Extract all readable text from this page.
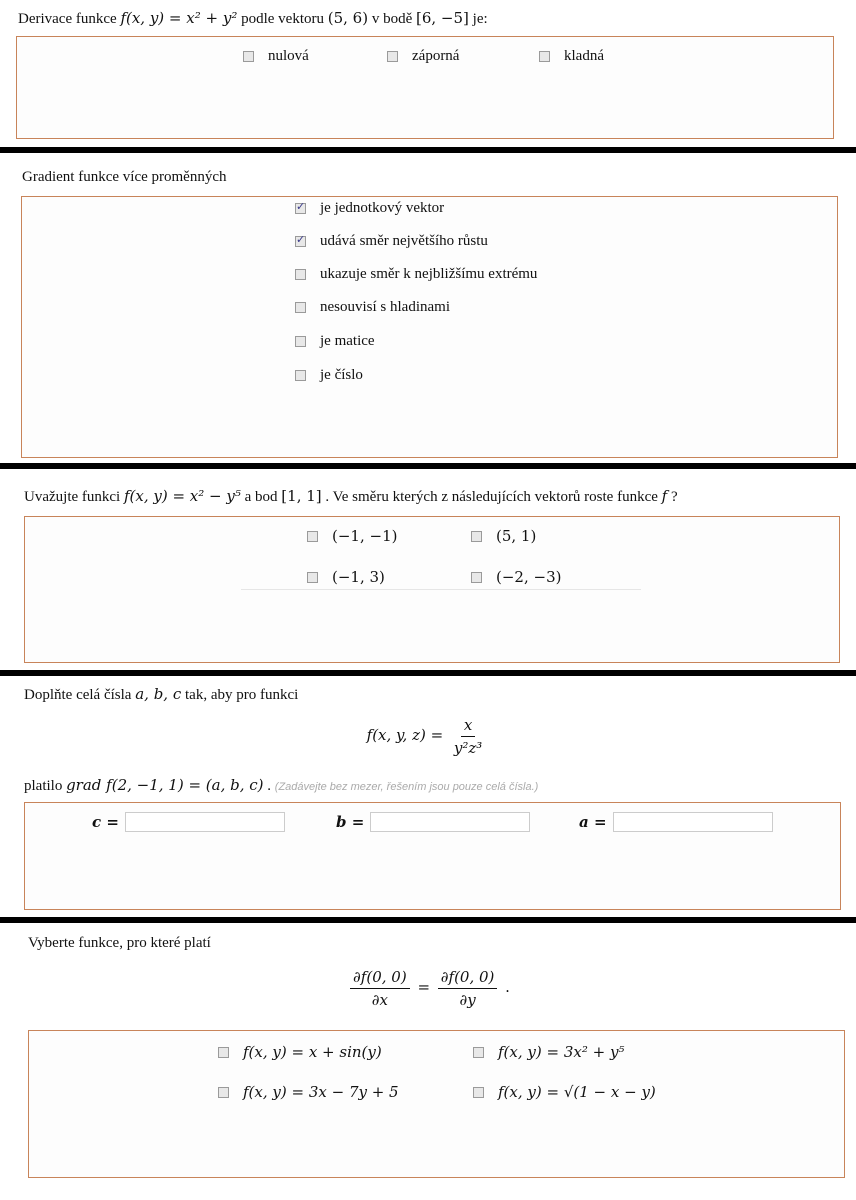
Derivace funkce f(x, y) = x² + y² podle vektoru (5, 6) v bodě [6, −5] je:
nulová	záporná	kladná
Gradient funkce více proměnných
✓
je jednotkový vektor
✓
udává směr největšího růstu
ukazuje směr k nejbližšímu extrému
nesouvisí s hladinami
je matice
je číslo
Uvažujte funkci f(x, y) = x² − y⁵ a bod [1, 1] . Ve směru kterých z následujících vektorů roste funkce f ?
(−1, −1)	(5, 1)
(−1, 3)	(−2, −3)
Doplňte celá čísla a, b, c tak, aby pro funkci
f(x, y, $z) = \frac{x}{\text{y²z³}}$
platilo grad f(2, −1, 1) = (a, b, c) . (Zadávejte bez mezer, řešením jsou pouze celá čísla.)
c =	b =	a =
Vyberte funkce, pro které platí
$\frac{\partial f(0, 0)}{\partial x} = \frac{\partial f(0, 0)}{\partial y}$ .
f(x, y) = x + sin(y)	f(x, y) = 3x² + y⁵
f(x, y) = 3x − 7y + 5	f(x, y) = √(1 − x − y)
